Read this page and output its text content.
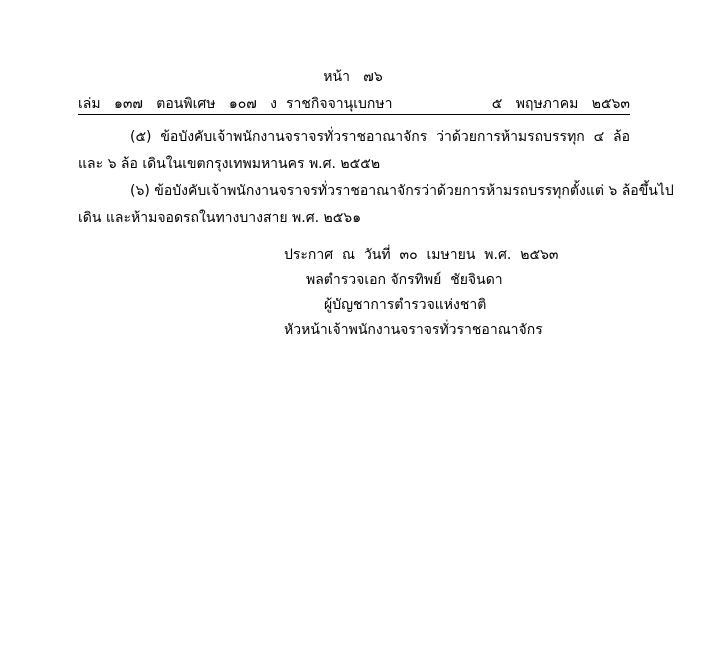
หน้า   ๗๖

เล่ม   ๑๓๗   ตอนพิเศษ   ๑๐๗   ง

ราชกิจจานุเบกษา

	๕   พฤษภาคม   ๒๕๖๓

(๕) ข้อบังคับเจ้าพนักงานจราจรทั่วราชอาณาจักร ว่าด้วยการห้ามรถบรรทุก ๔ ล้อ
และ ๖ ล้อ เดินในเขตกรุงเทพมหานคร พ.ศ. ๒๕๕๒
(๖) ข้อบังคับเจ้าพนักงานจราจรทั่วราชอาณาจักรว่าด้วยการห้ามรถบรรทุกตั้งแต่ ๖ ล้อขึ้นไป
เดิน และห้ามจอดรถในทางบางสาย พ.ศ. ๒๕๖๑
ประกาศ  ณ  วันที่  ๓๐  เมษายน  พ.ศ.  ๒๕๖๓
พลตำรวจเอก จักรทิพย์  ชัยจินดา
ผู้บัญชาการตำรวจแห่งชาติ
หัวหน้าเจ้าพนักงานจราจรทั่วราชอาณาจักร
